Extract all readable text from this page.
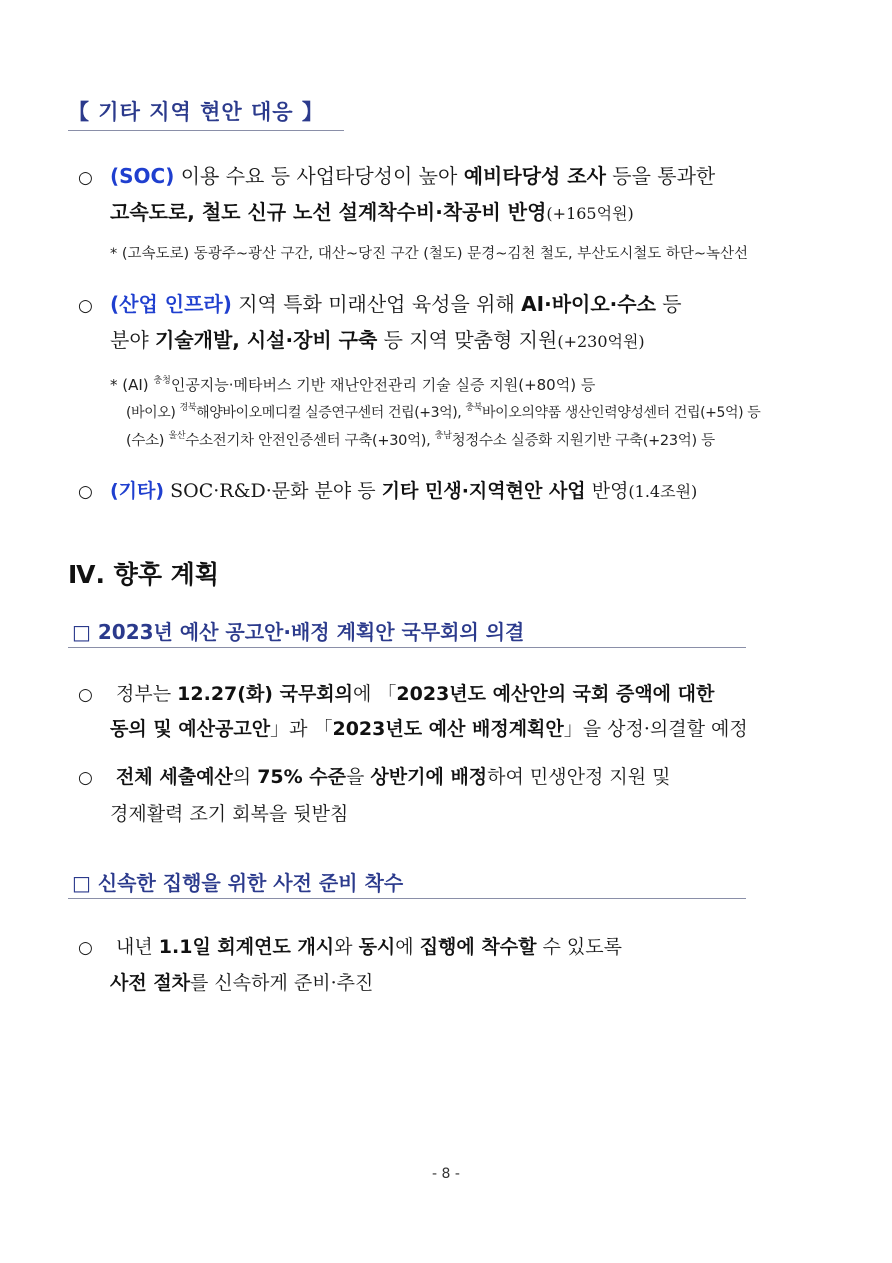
【 기타 지역 현안 대응 】
○ (SOC) 이용 수요 등 사업타당성이 높아 예비타당성 조사 등을 통과한
고속도로, 철도 신규 노선 설계착수비·착공비 반영(+165억원)
* (고속도로) 동광주~광산 구간, 대산~당진 구간 (철도) 문경~김천 철도, 부산도시철도 하단~녹산선
○ (산업 인프라) 지역 특화 미래산업 육성을 위해 AI·바이오·수소 등
분야 기술개발, 시설·장비 구축 등 지역 맞춤형 지원(+230억원)
* (AI) $^{충청}$인공지능·메타버스 기반 재난안전관리 기술 실증 지원(+80억) 등
(바이오) $^{경북}$해양바이오메디컬 실증연구센터 건립(+3억), $^{충북}$바이오의약품 생산인력양성센터 건립(+5억) 등
(수소) $^{울산}$수소전기차 안전인증센터 구축(+30억), $^{충남}$청정수소 실증화 지원기반 구축(+23억) 등
○ (기타) SOC·R&D·문화 분야 등 기타 민생·지역현안 사업 반영(1.4조원)
Ⅳ. 향후 계획
□ 2023년 예산 공고안·배정 계획안 국무회의 의결
○ 정부는 12.27(화) 국무회의에 「2023년도 예산안의 국회 증액에 대한
동의 및 예산공고안」과 「2023년도 예산 배정계획안」을 상정·의결할 예정
○ 전체 세출예산의 75% 수준을 상반기에 배정하여 민생안정 지원 및
경제활력 조기 회복을 뒷받침
□ 신속한 집행을 위한 사전 준비 착수
○ 내년 1.1일 회계연도 개시와 동시에 집행에 착수할 수 있도록
사전 절차를 신속하게 준비·추진
- 8 -
